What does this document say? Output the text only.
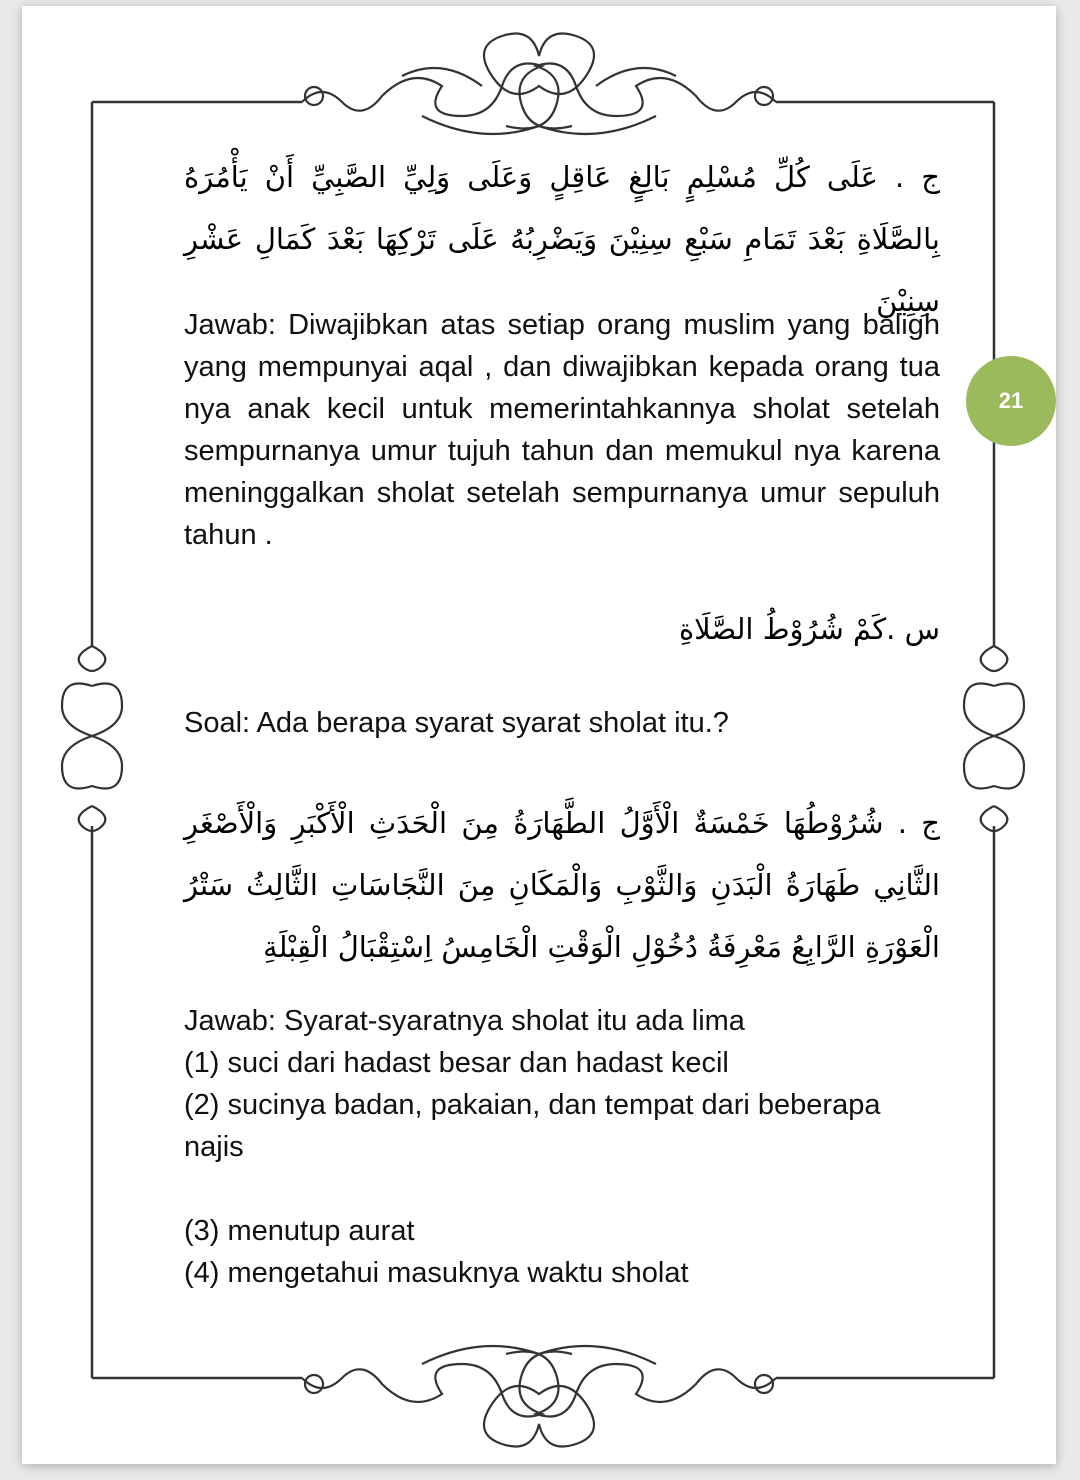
21
ج . عَلَى كُلِّ مُسْلِمٍ بَالِغٍ عَاقِلٍ وَعَلَى وَلِيِّ الصَّبِيِّ أَنْ يَأْمُرَهُ بِالصَّلَاةِ بَعْدَ تَمَامِ سَبْعِ سِنِيْنَ وَيَضْرِبُهُ عَلَى تَرْكِهَا بَعْدَ كَمَالِ عَشْرِ سِنِيْنَ
Jawab: Diwajibkan atas setiap orang muslim yang baligh yang mempunyai aqal , dan diwajibkan kepada orang tua nya anak kecil untuk memerintahkannya sholat setelah sempurnanya umur tujuh tahun dan memukul nya karena meninggalkan sholat setelah sempurnanya umur sepuluh tahun .
س .كَمْ شُرُوْطُ الصَّلَاةِ
Soal: Ada berapa syarat syarat sholat itu.?
ج . شُرُوْطُهَا خَمْسَةٌ الْأَوَّلُ الطَّهَارَةُ مِنَ الْحَدَثِ الْأَكْبَرِ وَالْأَصْغَرِ الثَّانِي طَهَارَةُ الْبَدَنِ وَالثَّوْبِ وَالْمَكَانِ مِنَ النَّجَاسَاتِ الثَّالِثُ سَتْرُ الْعَوْرَةِ الرَّابِعُ مَعْرِفَةُ دُخُوْلِ الْوَقْتِ الْخَامِسُ اِسْتِقْبَالُ الْقِبْلَةِ

Jawab: Syarat-syaratnya sholat itu ada lima

(1) suci dari hadast besar dan hadast kecil

(2) sucinya badan, pakaian, dan tempat dari beberapa najis

(3) menutup aurat

(4) mengetahui masuknya waktu sholat
